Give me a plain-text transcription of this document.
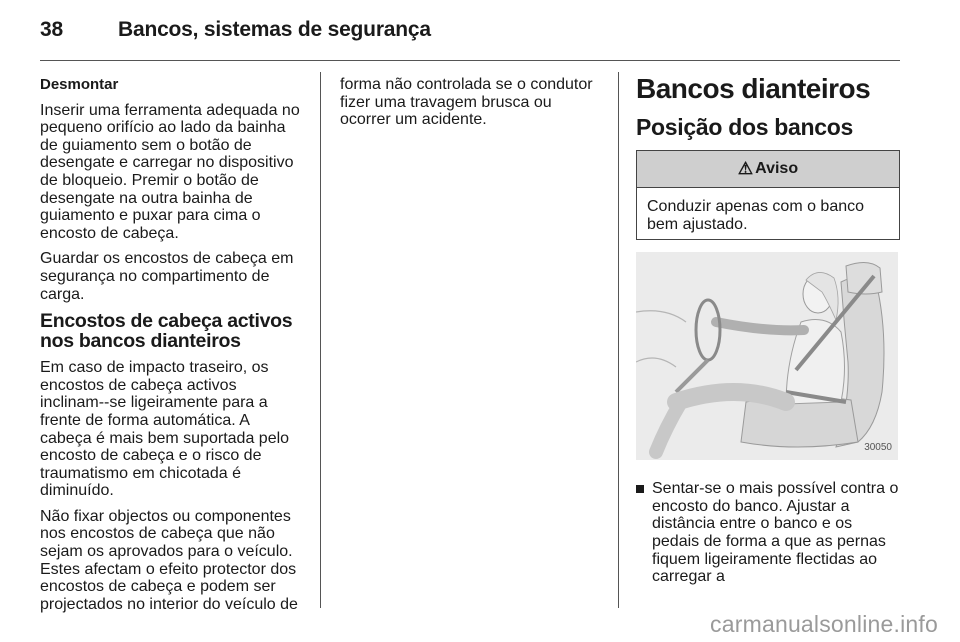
38	Bancos, sistemas de segurança

Desmontar

Inserir uma ferramenta adequada no pequeno orifício ao lado da bainha de guiamento sem o botão de desengate e carregar no dispositivo de bloqueio. Premir o botão de desengate na outra bainha de guiamento e puxar para cima o encosto de cabeça.

Guardar os encostos de cabeça em segurança no compartimento de carga.

Encostos de cabeça activos nos bancos dianteiros

Em caso de impacto traseiro, os encostos de cabeça activos inclinam--se ligeiramente para a frente de forma automática. A cabeça é mais bem suportada pelo encosto de cabeça e o risco de traumatismo em chicotada é diminuído.

Não fixar objectos ou componentes nos encostos de cabeça que não sejam os aprovados para o veículo. Estes afectam o efeito protector dos encostos de cabeça e podem ser projectados no interior do veículo de

forma não controlada se o condutor fizer uma travagem brusca ou ocorrer um acidente.

Bancos dianteiros
Posição dos bancos
⚠ Aviso
Conduzir apenas com o banco bem ajustado.
30050
Sentar-se o mais possível contra o encosto do banco. Ajustar a distância entre o banco e os pedais de forma a que as pernas fiquem ligeiramente flectidas ao carregar a
carmanualsonline.info
